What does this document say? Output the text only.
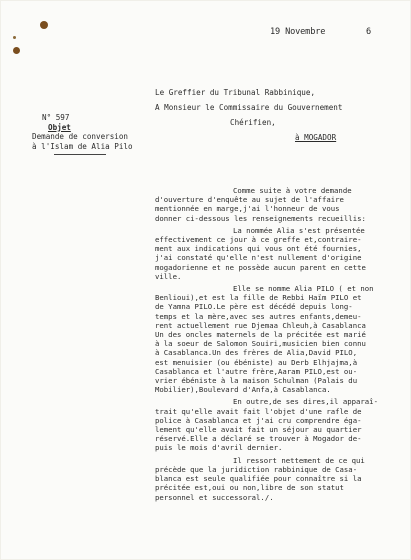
19 Novembre	6
Le Greffier du Tribunal Rabbinique,
A Monsieur le Commissaire du Gouvernement
Chérifien,
à MOGADOR
N° 597
Objet
Demande de conversion
à l'Islam de Alia Pilo
Comme suite à votre demande
d'ouverture d'enquête au sujet de l'affaire
mentionnée en marge,j'ai l'honneur de vous
donner ci-dessous les renseignements recueillis:
La nommée Alia s'est présentée
effectivement ce jour à ce greffe et,contraire-
ment aux indications qui vous ont été fournies,
j'ai constaté qu'elle n'est nullement d'origine
mogadorienne et ne possède aucun parent en cette
ville.
Elle se nomme Alia PILO ( et non
Benlioui),et est la fille de Rebbi Haïm PILO et
de Yamna PILO.Le père est décédé depuis long-
temps et la mère,avec ses autres enfants,demeu-
rent actuellement rue Djemaa Chleuh,à Casablanca
Un des oncles maternels de la précitée est marié
à la soeur de Salomon Souiri,musicien bien connu
à Casablanca.Un des frères de Alia,David PILO,
est menuisier (ou ébéniste) au Derb Elhjajma,à
Casablanca et l'autre frère,Aaram PILO,est ou-
vrier ébéniste à la maison Schulman (Palais du
Mobilier),Boulevard d'Anfa,à Casablanca.
En outre,de ses dires,il apparaî-
trait qu'elle avait fait l'objet d'une rafle de
police à Casablanca et j'ai cru comprendre éga-
lement qu'elle avait fait un séjour au quartier
réservé.Elle a déclaré se trouver à Mogador de-
puis le mois d'avril dernier.
Il ressort nettement de ce qui
précède que la juridiction rabbinique de Casa-
blanca est seule qualifiée pour connaître si la
précitée est,oui ou non,libre de son statut
personnel et successoral./.
